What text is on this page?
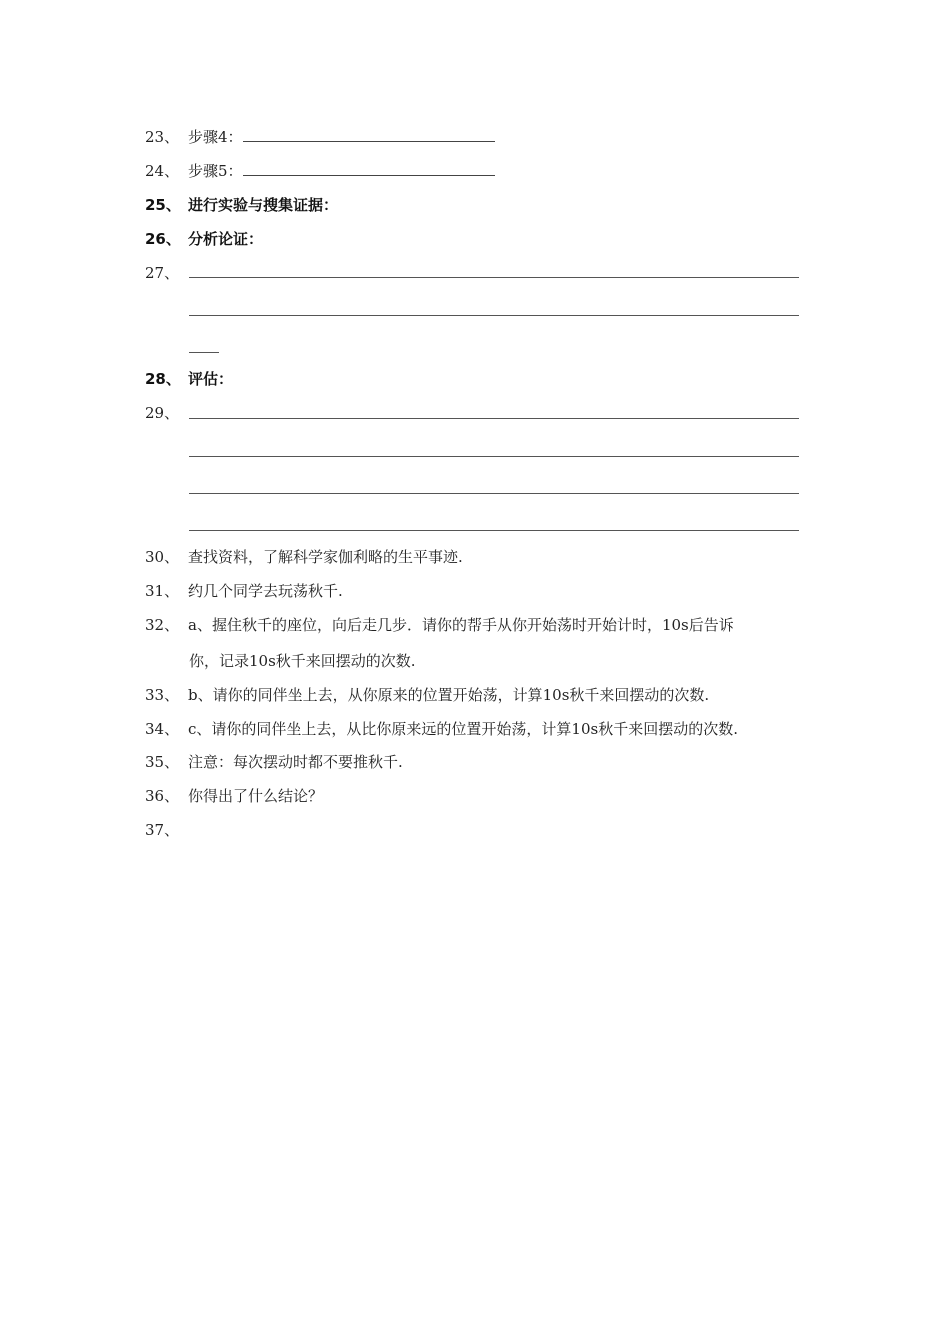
23、 步骤4：
24、 步骤5：
25、 进行实验与搜集证据：
26、 分析论证：
27、
28、 评估：
29、
30、 查找资料，了解科学家伽利略的生平事迹.
31、 约几个同学去玩荡秋千.
32、 a、握住秋千的座位，向后走几步．请你的帮手从你开始荡时开始计时，10s后告诉
你，记录10s秋千来回摆动的次数.
33、 b、请你的同伴坐上去，从你原来的位置开始荡，计算10s秋千来回摆动的次数.
34、 c、请你的同伴坐上去，从比你原来远的位置开始荡，计算10s秋千来回摆动的次数.
35、 注意：每次摆动时都不要推秋千.
36、 你得出了什么结论？
37、
